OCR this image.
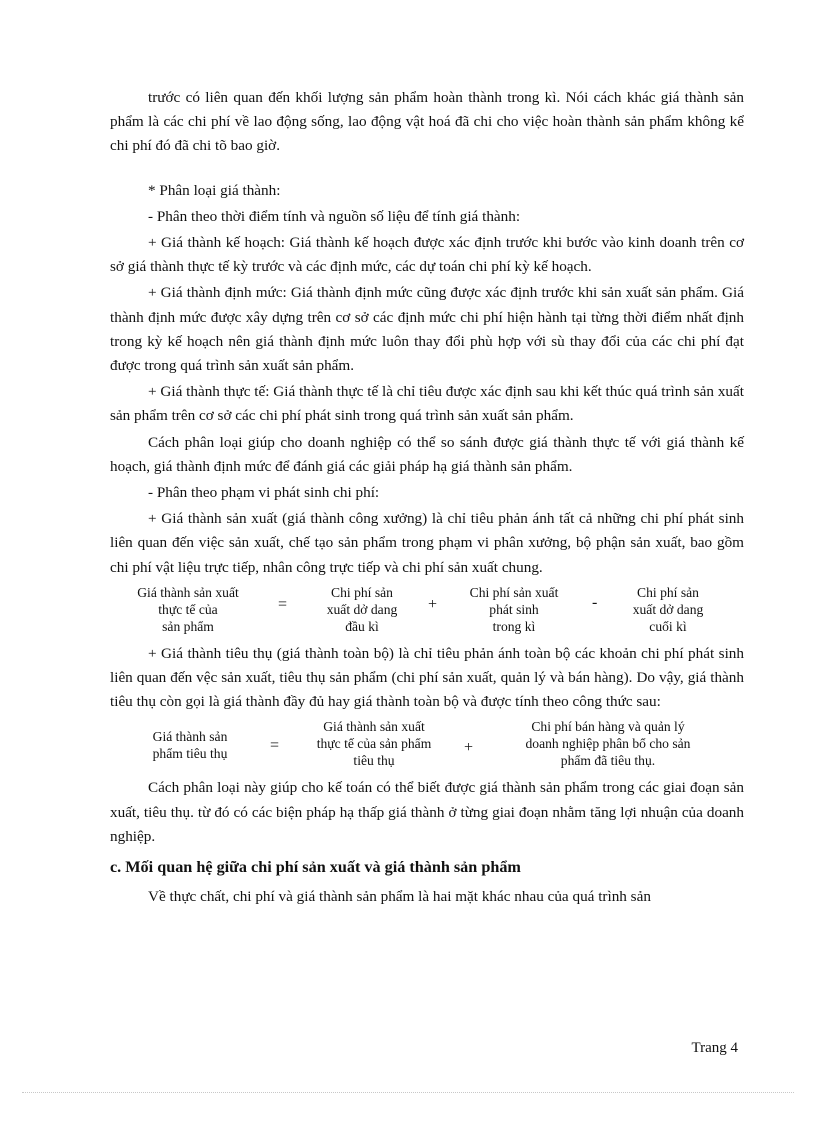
trước có liên quan đến khối lượng sản phẩm hoàn thành trong kì. Nói cách khác giá thành sản phẩm là các chi phí về lao động sống, lao động vật hoá đã chi cho việc hoàn thành sản phẩm không kể chi phí đó đã chi tõ bao giờ.

* Phân loại giá thành:

- Phân theo thời điểm tính và nguồn số liệu để tính giá thành:

+ Giá thành kế hoạch: Giá thành kế hoạch được xác định trước khi bước vào kinh doanh trên cơ sở giá thành thực tế kỳ trước và các định mức, các dự toán chi phí kỳ kế hoạch.

+ Giá thành định mức: Giá thành định mức cũng được xác định trước khi sản xuất sản phẩm. Giá thành định mức được xây dựng trên cơ sở các định mức chi phí hiện hành tại từng thời điểm nhất định trong kỳ kế hoạch nên giá thành định mức luôn thay đổi phù hợp với sù thay đổi của các chi phí đạt được trong quá trình sản xuất sản phẩm.

+ Giá thành thực tế: Giá thành thực tế là chỉ tiêu được xác định sau khi kết thúc quá trình sản xuất sản phẩm trên cơ sở các chi phí phát sinh trong quá trình sản xuất sản phẩm.

Cách phân loại giúp cho doanh nghiệp có thể so sánh được giá thành thực tế với giá thành kế hoạch, giá thành định mức để đánh giá các giải pháp hạ giá thành sản phẩm.

- Phân theo phạm vi phát sinh chi phí:

+ Giá thành sản xuất (giá thành công xưởng) là chỉ tiêu phản ánh tất cả những chi phí phát sinh liên quan đến việc sản xuất, chế tạo sản phẩm trong phạm vi phân xưởng, bộ phận sản xuất, bao gồm chi phí vật liệu trực tiếp, nhân công trực tiếp và chi phí sản xuất chung.

Giá thành sản xuất
thực tế của
sản phẩm
=
Chi phí sản
xuất dở dang
đầu kì
+
Chi phí sản xuất
phát sinh
trong kì
-
Chi phí sản
xuất dở dang
cuối kì

+ Giá thành tiêu thụ (giá thành toàn bộ) là chỉ tiêu phản ánh toàn bộ các khoản chi phí phát sinh liên quan đến vệc sản xuất, tiêu thụ sản phẩm (chi phí sản xuất, quản lý và bán hàng). Do vậy, giá thành tiêu thụ còn gọi là giá thành đầy đủ hay giá thành toàn bộ và được tính theo công thức sau:

Giá thành sản
phẩm tiêu thụ	=
Giá thành sản xuất
thực tế của sản phẩm
tiêu thụ
+
Chi phí bán hàng và quản lý
doanh nghiệp phân bổ cho sản
phẩm đã tiêu thụ.

Cách phân loại này giúp cho kế toán có thể biết được giá thành sản phẩm trong các giai đoạn sản xuất, tiêu thụ. từ đó có các biện pháp hạ thấp giá thành ở từng giai đoạn nhằm tăng lợi nhuận của doanh nghiệp.

c. Mối quan hệ giữa chi phí sản xuất và giá thành sản phẩm

Về thực chất, chi phí và giá thành sản phẩm là hai mặt khác nhau của quá trình sản

Trang 4
